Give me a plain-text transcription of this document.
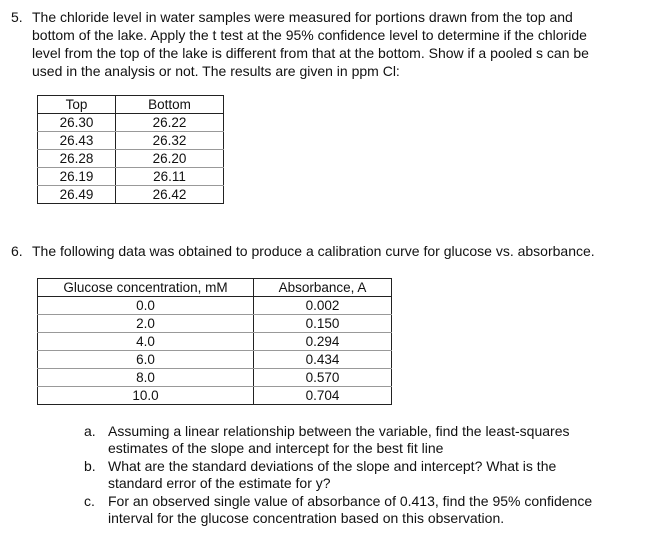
5. The chloride level in water samples were measured for portions drawn from the top and
bottom of the lake. Apply the t test at the 95% confidence level to determine if the chloride
level from the top of the lake is different from that at the bottom. Show if a pooled s can be
used in the analysis or not. The results are given in ppm Cl:
Top	Bottom
26.30	26.22
26.43	26.32
26.28	26.20
26.19	26.11
26.49	26.42
6. The following data was obtained to produce a calibration curve for glucose vs. absorbance.
Glucose concentration, mM	Absorbance, A
0.0	0.002
2.0	0.150
4.0	0.294
6.0	0.434
8.0	0.570
10.0	0.704
a. Assuming a linear relationship between the variable, find the least-squares
estimates of the slope and intercept for the best fit line
b. What are the standard deviations of the slope and intercept? What is the
standard error of the estimate for y?
c. For an observed single value of absorbance of 0.413, find the 95% confidence
interval for the glucose concentration based on this observation.
